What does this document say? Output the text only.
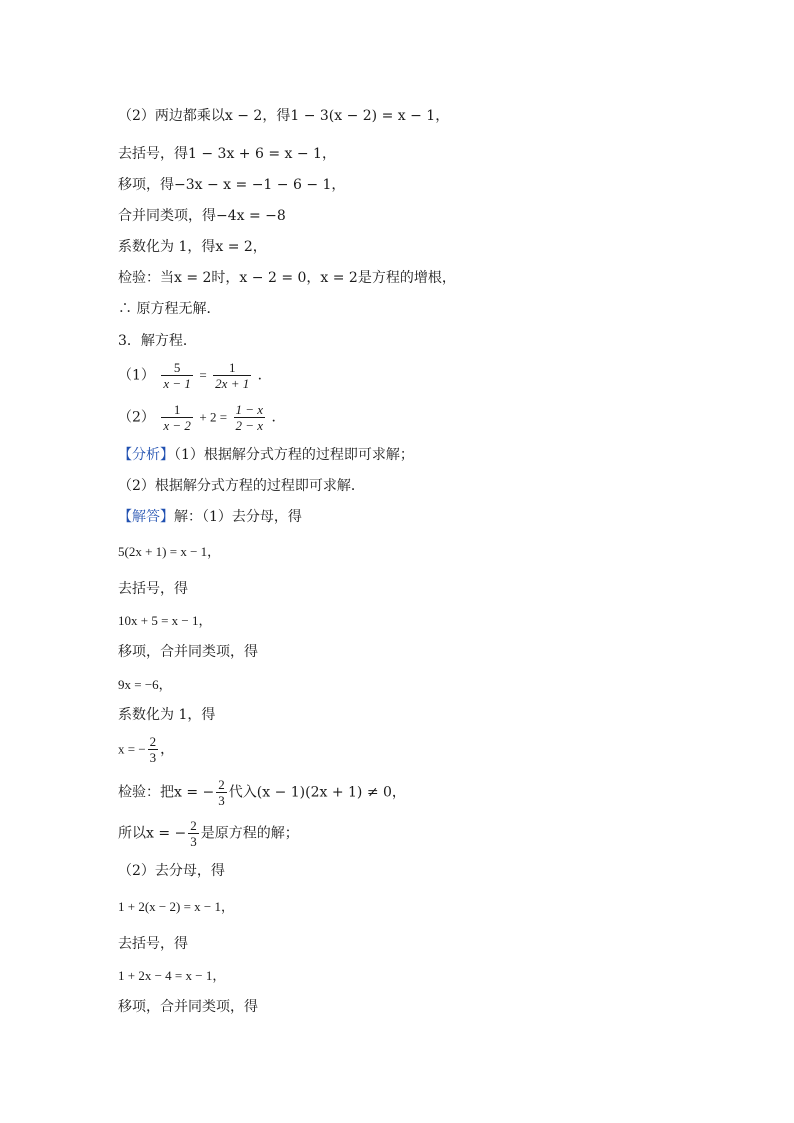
（2）两边都乘以x − 2，得1 − 3(x − 2) = x − 1，
去括号，得1 − 3x + 6 = x − 1，
移项，得−3x − x = −1 − 6 − 1，
合并同类项，得−4x = −8
系数化为 1，得x = 2，
检验：当x = 2时，x − 2 = 0，x = 2是方程的增根，
∴ 原方程无解．
3．解方程．
$(1) \frac{5}{x - 1} = \frac{1}{2x + 1}$ ．
$(2) \frac{1}{x - 2} + 2 = \frac{1 - x}{2 - x}$ ．
【分析】（1）根据解分式方程的过程即可求解；
（2）根据解分式方程的过程即可求解．
【解答】解：（1）去分母，得
5(2x + 1) = x − 1，
去括号，得
10x + 5 = x − 1，
移项，合并同类项，得
9x = −6，
系数化为 1，得
x = − $\frac{2}{3}$ ，
检验：把x = − $\frac{2}{3}$ 代入(x − 1)(2x + 1) ≠ 0，
所以x = − $\frac{2}{3}$ 是原方程的解；
（2）去分母，得
1 + 2(x − 2) = x − 1，
去括号，得
1 + 2x − 4 = x − 1，
移项，合并同类项，得
